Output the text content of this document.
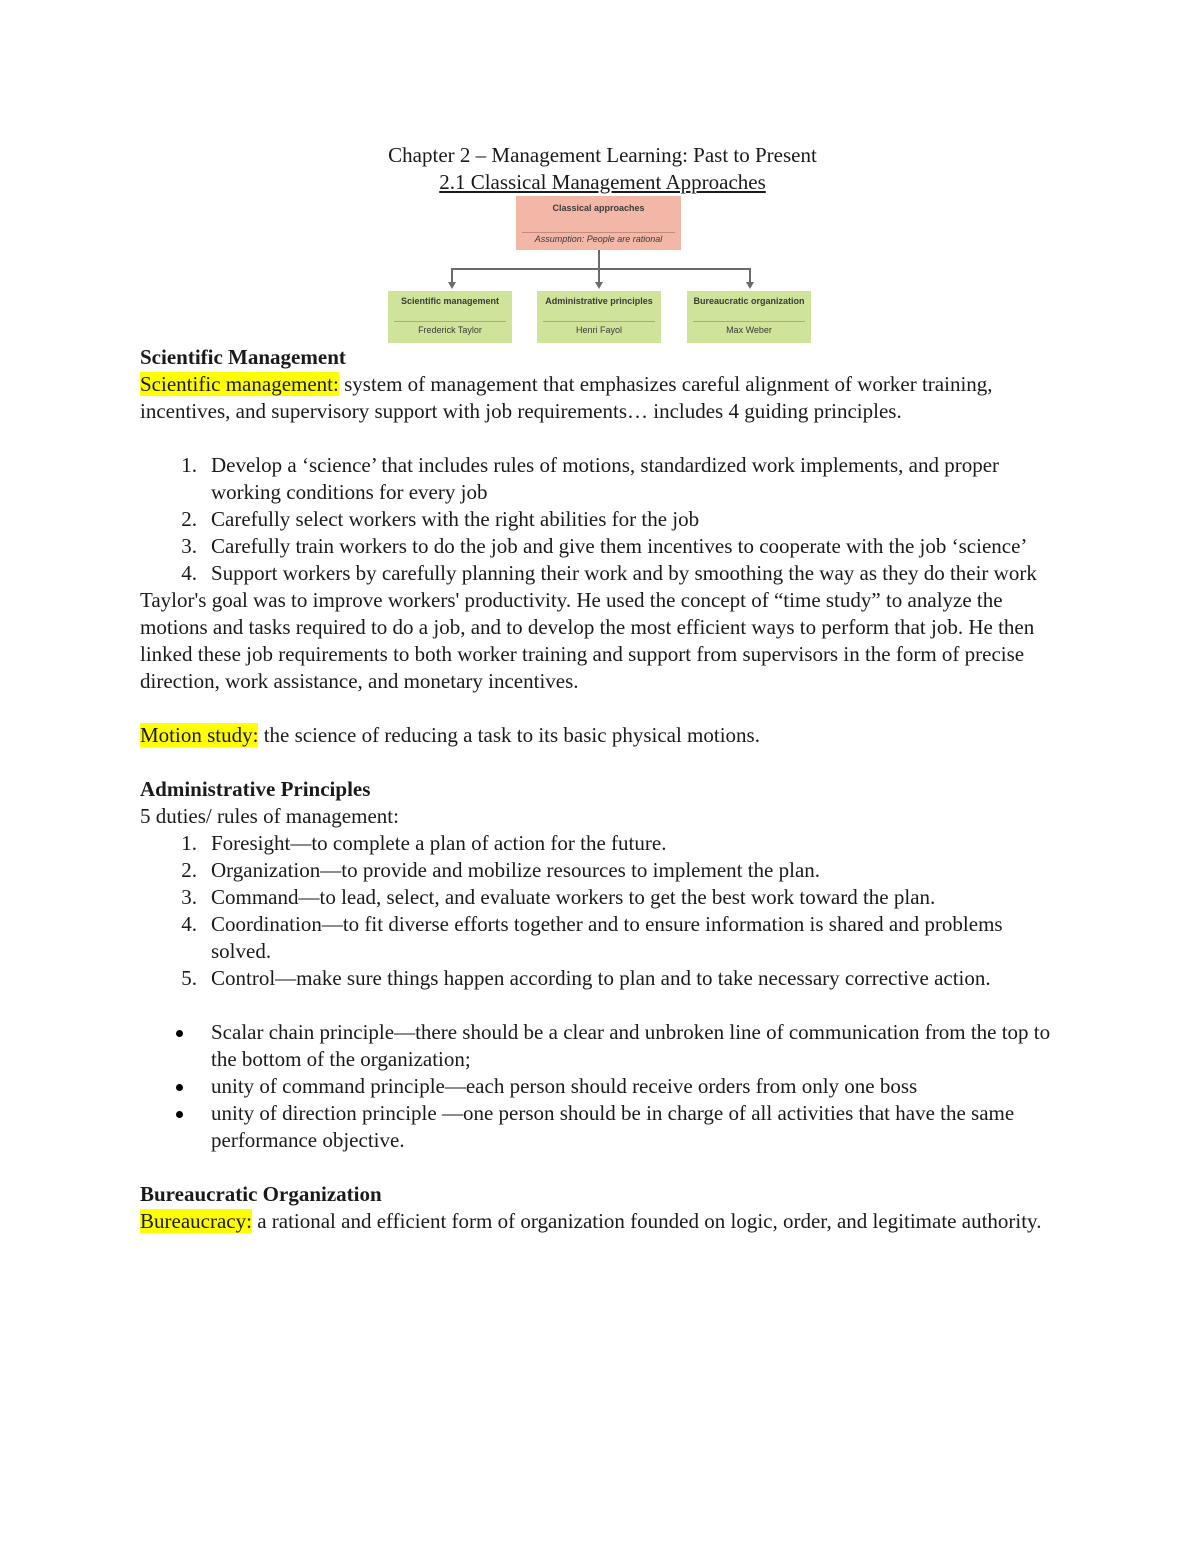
Chapter 2 – Management Learning: Past to Present

2.1 Classical Management Approaches

Classical approaches
Assumption: People are rational
Scientific management
Frederick Taylor
Administrative principles
Henri Fayol
Bureaucratic organization
Max Weber

Scientific Management

Scientific management: system of management that emphasizes careful alignment of worker training, incentives, and supervisory support with job requirements… includes 4 guiding principles.

1. Develop a ‘science’ that includes rules of motions, standardized work implements, and proper working conditions for every job
2. Carefully select workers with the right abilities for the job
3. Carefully train workers to do the job and give them incentives to cooperate with the job ‘science’
4. Support workers by carefully planning their work and by smoothing the way as they do their work

Taylor's goal was to improve workers' productivity. He used the concept of “time study” to analyze the motions and tasks required to do a job, and to develop the most efficient ways to perform that job. He then linked these job requirements to both worker training and support from supervisors in the form of precise direction, work assistance, and monetary incentives.

Motion study: the science of reducing a task to its basic physical motions.

Administrative Principles

5 duties/ rules of management:

1. Foresight—to complete a plan of action for the future.
2. Organization—to provide and mobilize resources to implement the plan.
3. Command—to lead, select, and evaluate workers to get the best work toward the plan.
4. Coordination—to fit diverse efforts together and to ensure information is shared and problems solved.
5. Control—make sure things happen according to plan and to take necessary corrective action.
Scalar chain principle—there should be a clear and unbroken line of communication from the top to the bottom of the organization;
unity of command principle—each person should receive orders from only one boss
unity of direction principle —one person should be in charge of all activities that have the same performance objective.

Bureaucratic Organization

Bureaucracy: a rational and efficient form of organization founded on logic, order, and legitimate authority.
